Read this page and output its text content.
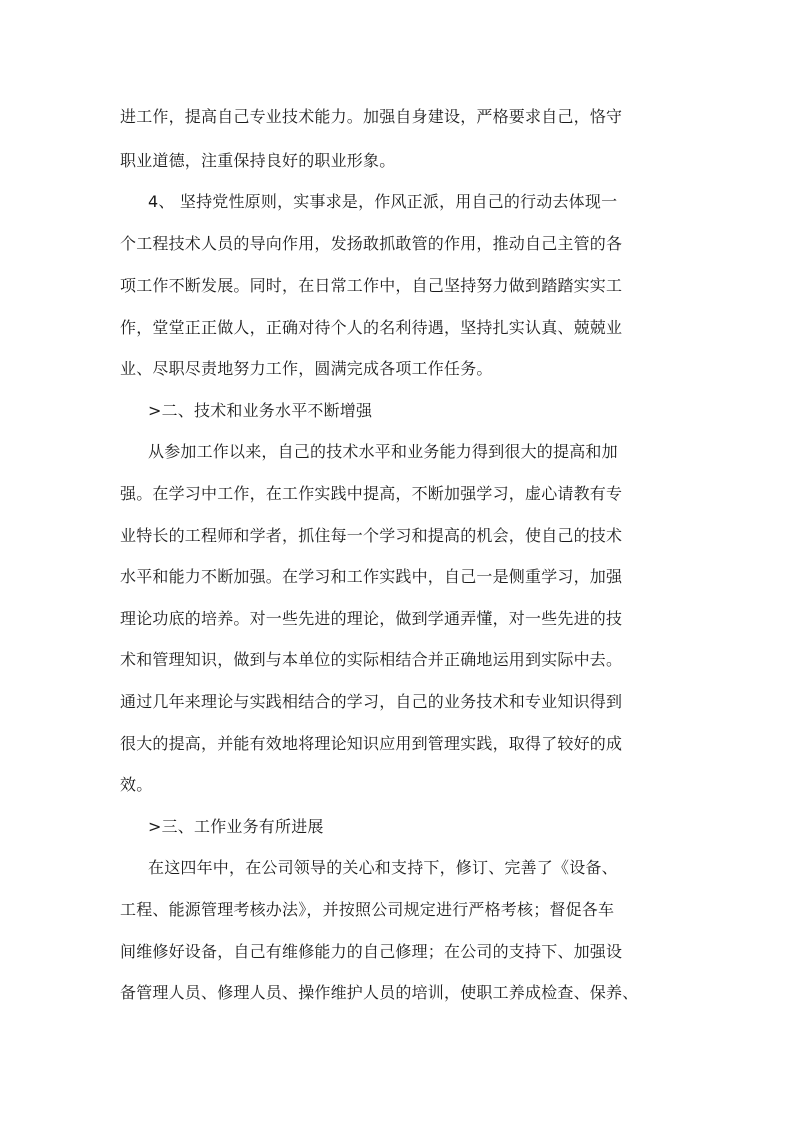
进工作，提高自己专业技术能力。加强自身建设，严格要求自己，恪守
职业道德，注重保持良好的职业形象。
4、 坚持党性原则，实事求是，作风正派，用自己的行动去体现一
个工程技术人员的导向作用，发扬敢抓敢管的作用，推动自己主管的各
项工作不断发展。同时，在日常工作中，自己坚持努力做到踏踏实实工
作，堂堂正正做人，正确对待个人的名利待遇，坚持扎实认真、兢兢业
业、尽职尽责地努力工作，圆满完成各项工作任务。
>二、技术和业务水平不断增强
从参加工作以来，自己的技术水平和业务能力得到很大的提高和加
强。在学习中工作，在工作实践中提高，不断加强学习，虚心请教有专
业特长的工程师和学者，抓住每一个学习和提高的机会，使自己的技术
水平和能力不断加强。在学习和工作实践中，自己一是侧重学习，加强
理论功底的培养。对一些先进的理论，做到学通弄懂，对一些先进的技
术和管理知识，做到与本单位的实际相结合并正确地运用到实际中去。
通过几年来理论与实践相结合的学习，自己的业务技术和专业知识得到
很大的提高，并能有效地将理论知识应用到管理实践，取得了较好的成
效。
>三、工作业务有所进展
在这四年中，在公司领导的关心和支持下，修订、完善了《设备、
工程、能源管理考核办法》，并按照公司规定进行严格考核；督促各车
间维修好设备，自己有维修能力的自己修理；在公司的支持下、加强设
备管理人员、修理人员、操作维护人员的培训，使职工养成检查、保养、
